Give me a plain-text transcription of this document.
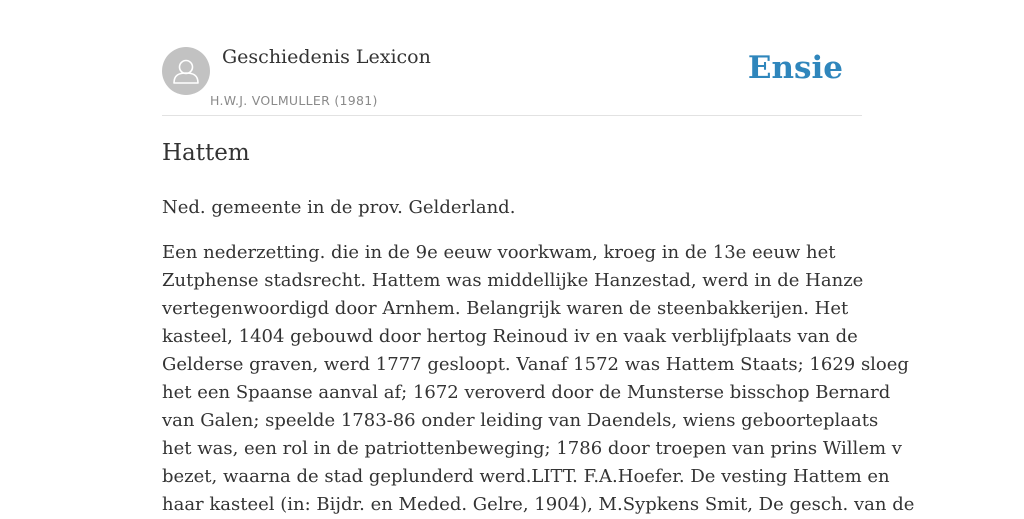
Geschiedenis Lexicon
H.W.J. VOLMULLER (1981)
Ensie
Hattem

Ned. gemeente in de prov. Gelderland.

Een nederzetting. die in de 9e eeuw voorkwam, kroeg in de 13e eeuw het
Zutphense stadsrecht. Hattem was middellijke Hanzestad, werd in de Hanze
vertegenwoordigd door Arnhem. Belangrijk waren de steenbakkerijen. Het
kasteel, 1404 gebouwd door hertog Reinoud iv en vaak verblijfplaats van de
Gelderse graven, werd 1777 gesloopt. Vanaf 1572 was Hattem Staats; 1629 sloeg
het een Spaanse aanval af; 1672 veroverd door de Munsterse bisschop Bernard
van Galen; speelde 1783-86 onder leiding van Daendels, wiens geboorteplaats
het was, een rol in de patriottenbeweging; 1786 door troepen van prins Willem v
bezet, waarna de stad geplunderd werd.LITT. F.A.Hoefer. De vesting Hattem en
haar kasteel (in: Bijdr. en Meded. Gelre, 1904), M.Sypkens Smit, De gesch. van de
